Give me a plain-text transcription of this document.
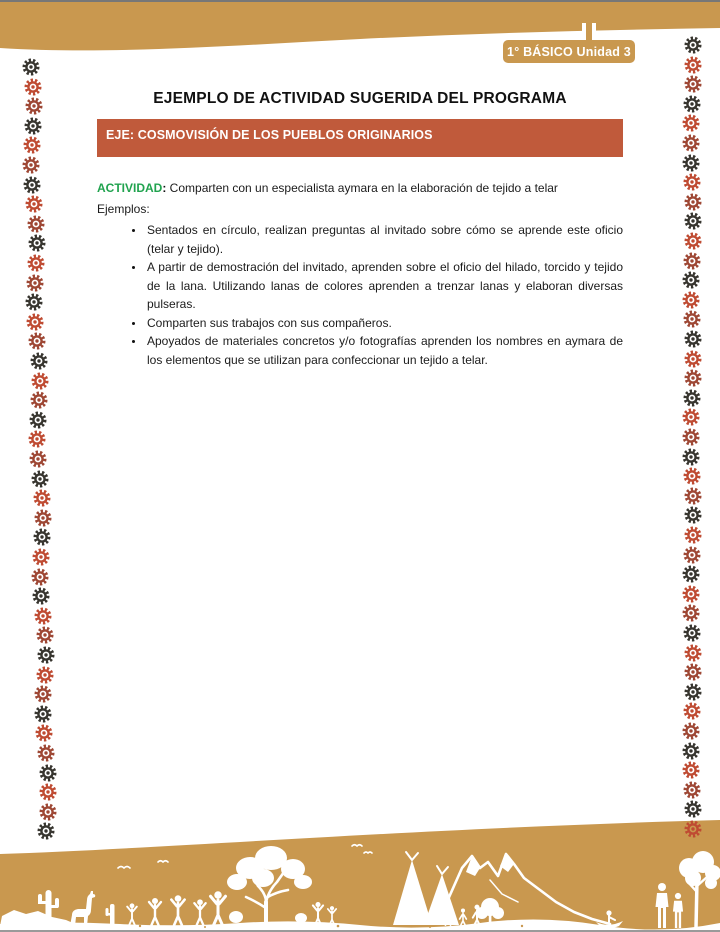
1° BÁSICO Unidad 3
EJEMPLO DE ACTIVIDAD SUGERIDA DEL PROGRAMA
EJE: COSMOVISIÓN DE LOS PUEBLOS ORIGINARIOS

ACTIVIDAD: Comparten con un especialista aymara en la elaboración de tejido a telar

Ejemplos:

• Sentados en círculo, realizan preguntas al invitado sobre cómo se aprende este oficio (telar y tejido).
• A partir de demostración del invitado, aprenden sobre el oficio del hilado, torcido y tejido de la lana. Utilizando lanas de colores aprenden a trenzar lanas y elaboran diversas pulseras.
• Comparten sus trabajos con sus compañeros.
• Apoyados de materiales concretos y/o fotografías aprenden los nombres en aymara de los elementos que se utilizan para confeccionar un tejido a telar.
